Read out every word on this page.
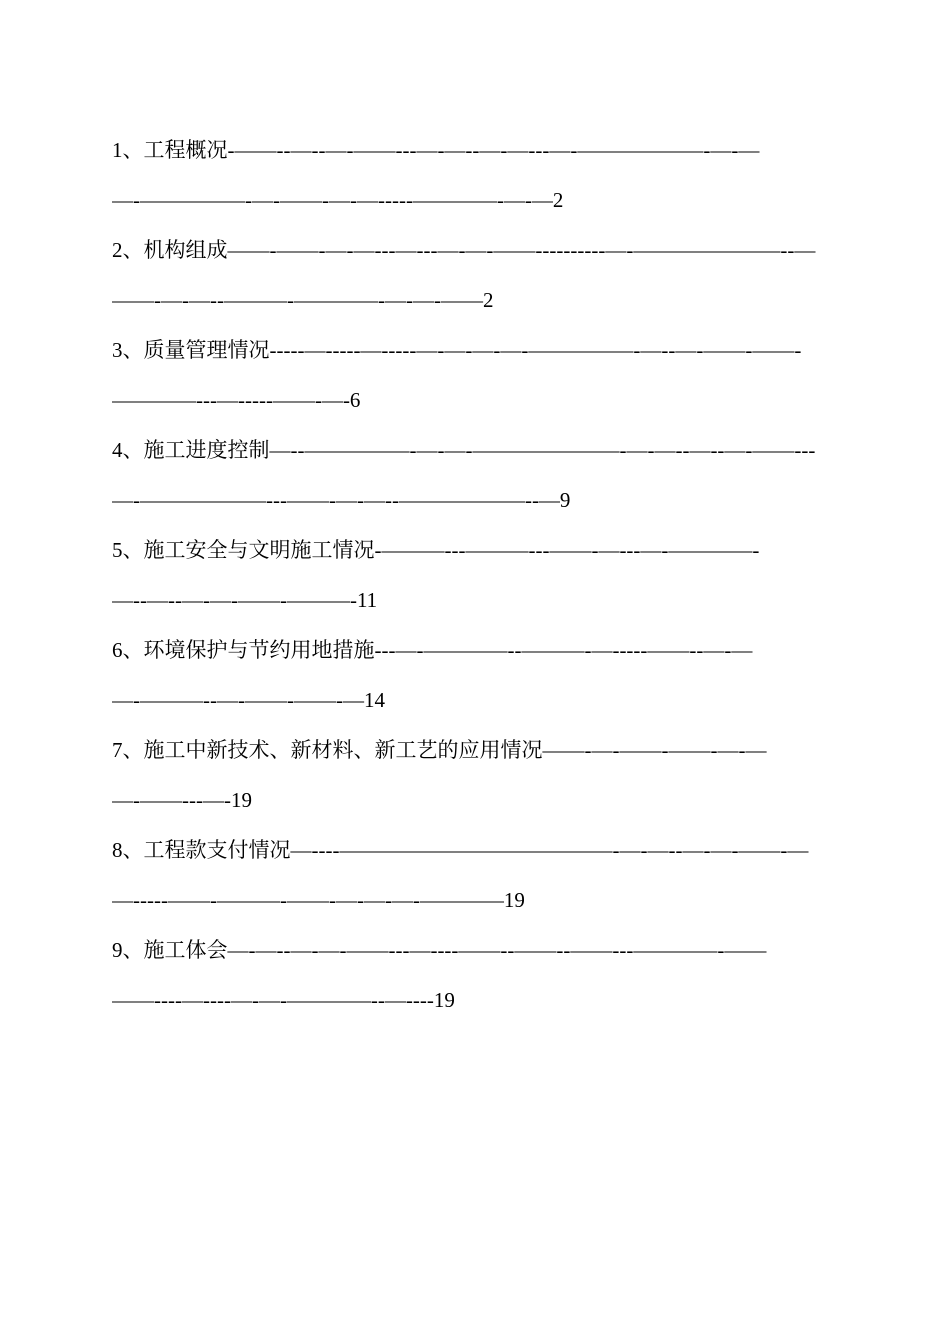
1、工程概况-——--—--—-——---—-—--—-—---—-——————-—-—
—-—————-—-——-—-—-----————-—-—2
2、机构组成——-——-—-—---—---—-—-——----------—-———————--—
——-—-—--———-————-—-—-——2
3、质量管理情况-----—-----—-----—-—-—-—-—————-—--—-——-——-
————---—-----——-—-6
4、施工进度控制—--—————-—-—-———————-—-—--—--—-——---
—-——————---——-—-—--——————--—9
5、施工安全与文明施工情况-———---———---——-—---—-————-
—--—--—-—-——-———-11
6、环境保护与节约用地措施---—-————--———-—-----——--—-—
—-———--—-——-——-—14
7、施工中新技术、新材料、新工艺的应用情况——-—-——-——-—-—
—-——---—-19
8、工程款支付情况—----—————————————-—-—--—-—-——-—
—-----——-———-——-—-—-—-————19
9、施工体会—-—--—-—-——---—----——--——--——---————-——
——----—----—-—-————--—----19
